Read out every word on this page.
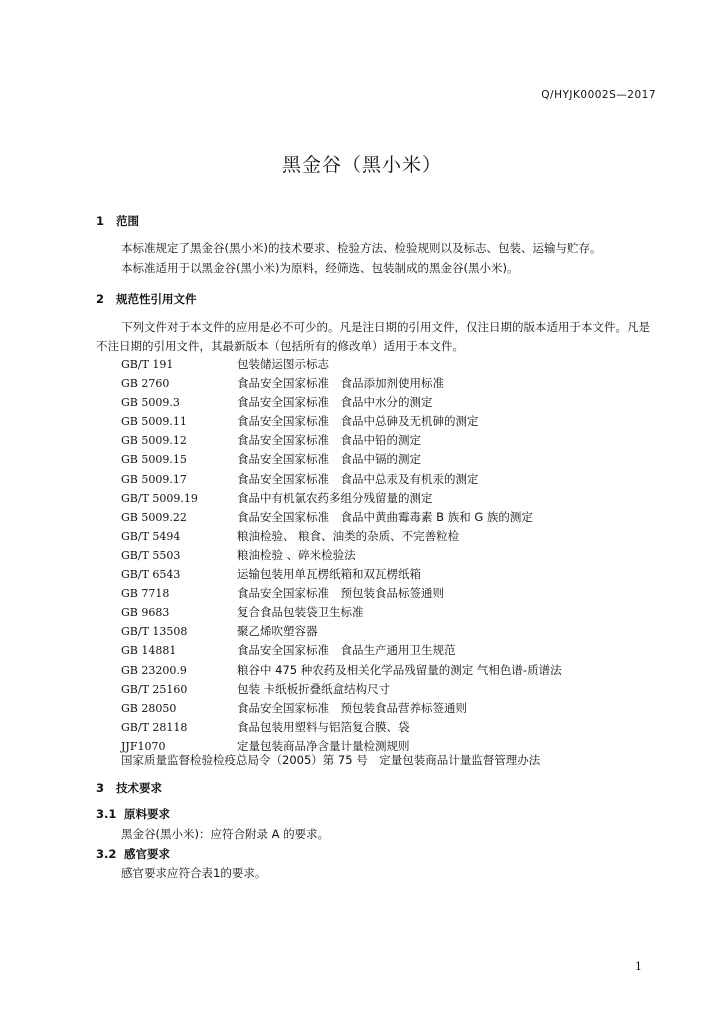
Q/HYJK0002S—2017
黑金谷（黑小米）
1 范围
本标准规定了黑金谷(黑小米)的技术要求、检验方法、检验规则以及标志、包装、运输与贮存。
本标准适用于以黑金谷(黑小米)为原料，经筛选、包装制成的黑金谷(黑小米)。
2 规范性引用文件
下列文件对于本文件的应用是必不可少的。凡是注日期的引用文件，仅注日期的版本适用于本文件。凡是不注日期的引用文件，其最新版本（包括所有的修改单）适用于本文件。
GB/T 191	包装储运图示标志
GB 2760	食品安全国家标准　食品添加剂使用标准
GB 5009.3	食品安全国家标准　食品中水分的测定
GB 5009.11	食品安全国家标准　食品中总砷及无机砷的测定
GB 5009.12	食品安全国家标准　食品中铅的测定
GB 5009.15	食品安全国家标准　食品中镉的测定
GB 5009.17	食品安全国家标准　食品中总汞及有机汞的测定
GB/T 5009.19	食品中有机氯农药多组分残留量的测定
GB 5009.22	食品安全国家标准　食品中黄曲霉毒素 B 族和 G 族的测定
GB/T 5494	粮油检验、 粮食、油类的杂质、不完善粒检
GB/T 5503	粮油检验 、碎米检验法
GB/T 6543	运输包装用单瓦楞纸箱和双瓦楞纸箱
GB 7718	食品安全国家标准　预包装食品标签通则
GB 9683	复合食品包装袋卫生标准
GB/T 13508	聚乙烯吹塑容器
GB 14881	食品安全国家标准　食品生产通用卫生规范
GB 23200.9	粮谷中 475 种农药及相关化学品残留量的测定 气相色谱-质谱法
GB/T 25160	包装 卡纸板折叠纸盒结构尺寸
GB 28050	食品安全国家标准　预包装食品营养标签通则
GB/T 28118	食品包装用塑料与铝箔复合膜、袋
JJF1070	定量包装商品净含量计量检测规则
国家质量监督检验检疫总局令（2005）第 75 号　定量包装商品计量监督管理办法
3 技术要求
3.1 原料要求
黑金谷(黑小米)：应符合附录 A 的要求。
3.2 感官要求
感官要求应符合表1的要求。
1
